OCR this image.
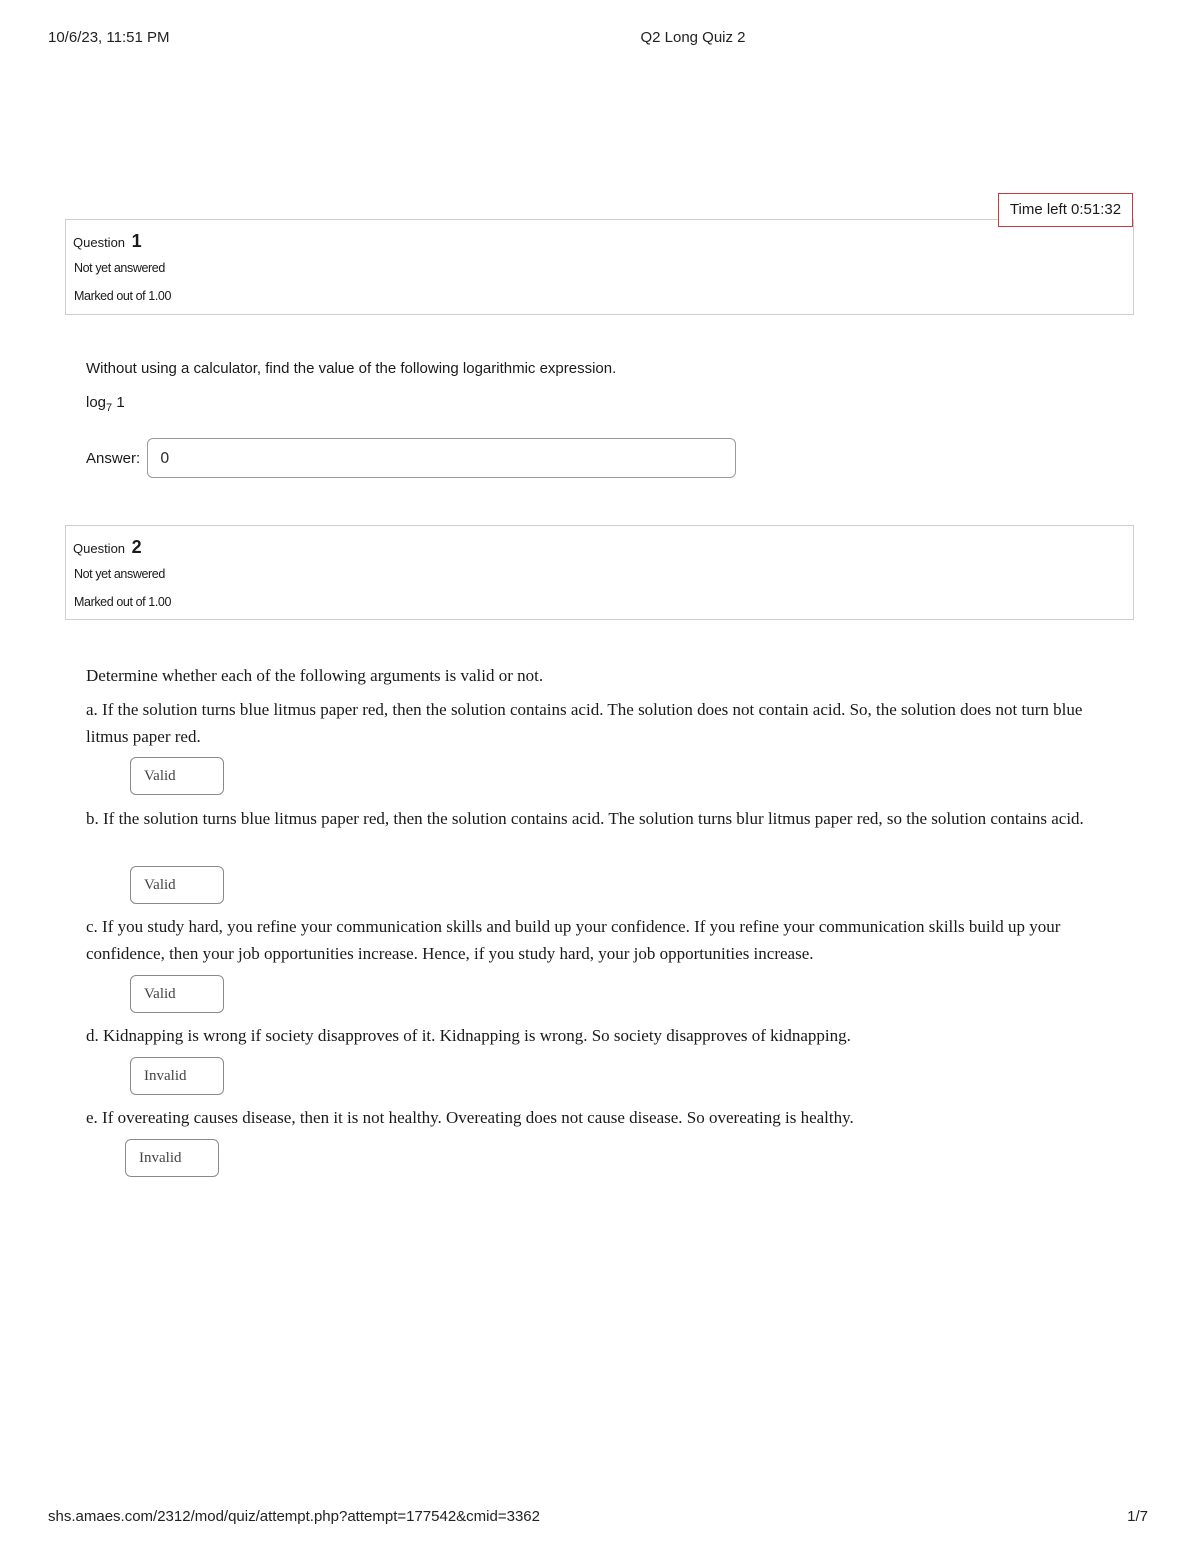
10/6/23, 11:51 PM	Q2 Long Quiz 2
Time left 0:51:32
Question 1
Not yet answered
Marked out of 1.00
Without using a calculator, find the value of the following logarithmic expression.
$\log_7 1$
Answer:
0
Question 2
Not yet answered
Marked out of 1.00
Determine whether each of the following arguments is valid or not.
a. If the solution turns blue litmus paper red, then the solution contains acid. The solution does not contain acid. So, the solution does not turn blue litmus paper red.
Valid
b. If the solution turns blue litmus paper red, then the solution contains acid. The solution turns blur litmus paper red, so the solution contains acid.
Valid
c. If you study hard, you refine your communication skills and build up your confidence. If you refine your communication skills build up your confidence, then your job opportunities increase. Hence, if you study hard, your job opportunities increase.
Valid
d. Kidnapping is wrong if society disapproves of it. Kidnapping is wrong. So society disapproves of kidnapping.
Invalid
e. If overeating causes disease, then it is not healthy. Overeating does not cause disease. So overeating is healthy.
Invalid
shs.amaes.com/2312/mod/quiz/attempt.php?attempt=177542&cmid=3362	1/7
